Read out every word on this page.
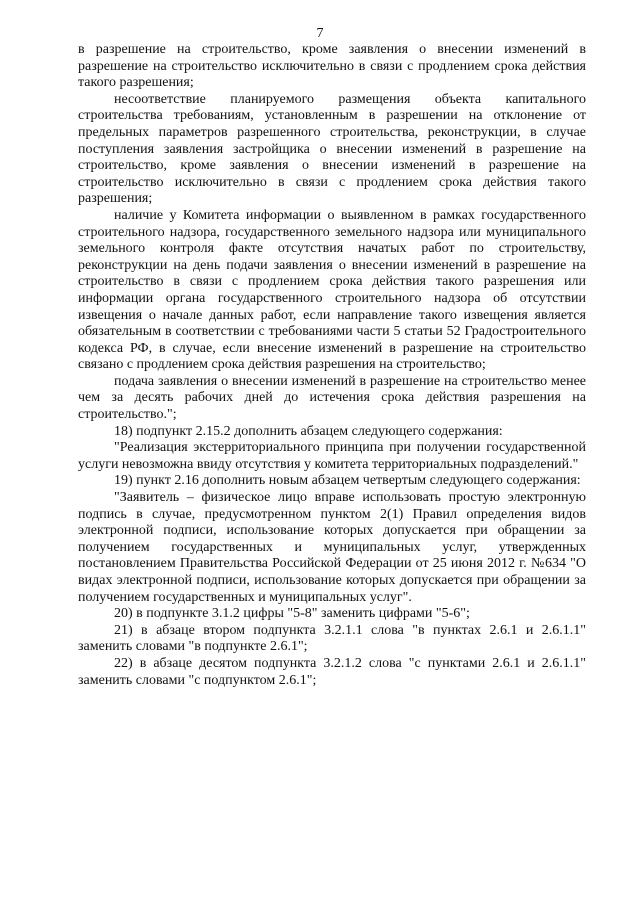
7

в разрешение на строительство, кроме заявления о внесении изменений в разрешение на строительство исключительно в связи с продлением срока действия такого разрешения;

несоответствие планируемого размещения объекта капитального строительства требованиям, установленным в разрешении на отклонение от предельных параметров разрешенного строительства, реконструкции, в случае поступления заявления застройщика о внесении изменений в разрешение на строительство, кроме заявления о внесении изменений в разрешение на строительство исключительно в связи с продлением срока действия такого разрешения;

наличие у Комитета информации о выявленном в рамках государственного строительного надзора, государственного земельного надзора или муниципального земельного контроля факте отсутствия начатых работ по строительству, реконструкции на день подачи заявления о внесении изменений в разрешение на строительство в связи с продлением срока действия такого разрешения или информации органа государственного строительного надзора об отсутствии извещения о начале данных работ, если направление такого извещения является обязательным в соответствии с требованиями части 5 статьи 52 Градостроительного кодекса РФ, в случае, если внесение изменений в разрешение на строительство связано с продлением срока действия разрешения на строительство;

подача заявления о внесении изменений в разрешение на строительство менее чем за десять рабочих дней до истечения срока действия разрешения на строительство.";

18) подпункт 2.15.2 дополнить абзацем следующего содержания:

"Реализация экстерриториального принципа при получении государственной услуги невозможна ввиду отсутствия у комитета территориальных подразделений."

19) пункт 2.16 дополнить новым абзацем четвертым следующего содержания:

"Заявитель – физическое лицо вправе использовать простую электронную подпись в случае, предусмотренном пунктом 2(1) Правил определения видов электронной подписи, использование которых допускается при обращении за получением государственных и муниципальных услуг, утвержденных постановлением Правительства Российской Федерации от 25 июня 2012 г. №634 "О видах электронной подписи, использование которых допускается при обращении за получением государственных и муниципальных услуг".

20) в подпункте 3.1.2 цифры "5-8" заменить цифрами "5-6";

21) в абзаце втором подпункта 3.2.1.1 слова "в пунктах 2.6.1 и 2.6.1.1" заменить словами "в подпункте 2.6.1";

22) в абзаце десятом подпункта 3.2.1.2 слова "с пунктами 2.6.1 и 2.6.1.1" заменить словами "с подпунктом 2.6.1";
